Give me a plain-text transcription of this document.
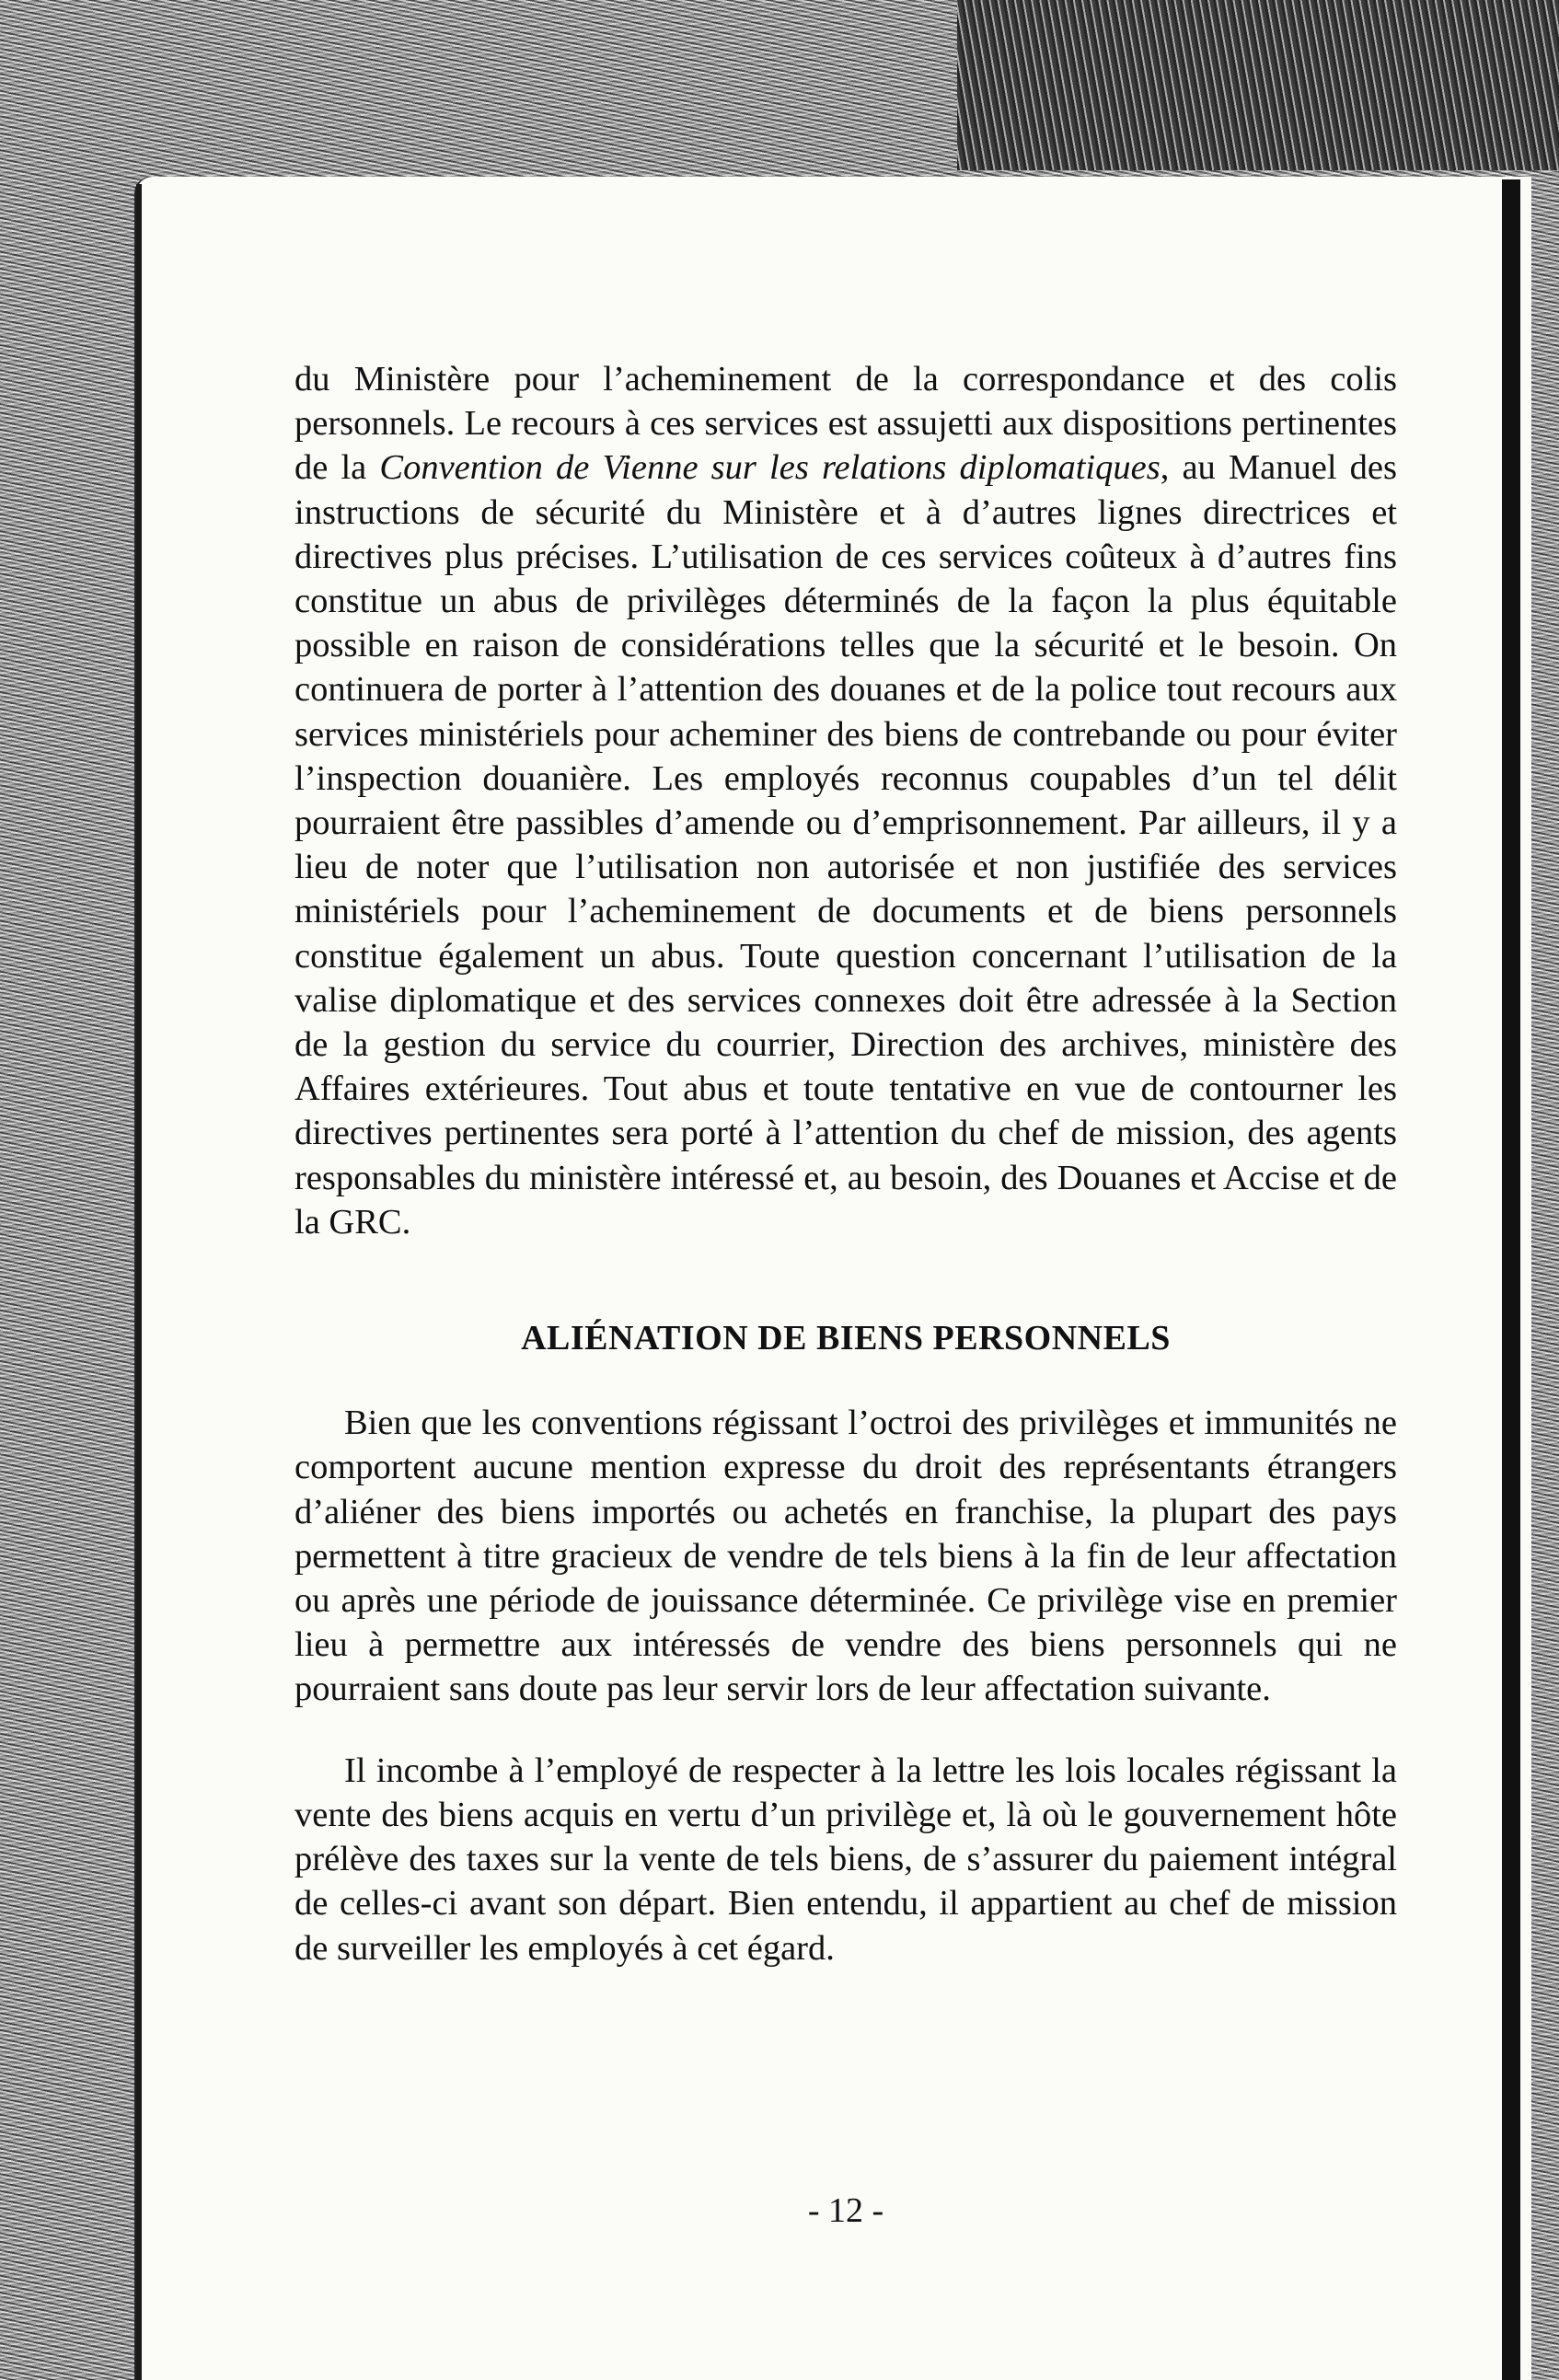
du Ministère pour l’acheminement de la correspondance et des colis personnels. Le recours à ces services est assujetti aux dispositions pertinentes de la Convention de Vienne sur les relations diplomatiques, au Manuel des instructions de sécurité du Ministère et à d’autres lignes directrices et directives plus précises. L’utilisation de ces services coûteux à d’autres fins constitue un abus de privilèges déterminés de la façon la plus équitable possible en raison de considérations telles que la sécurité et le besoin. On continuera de porter à l’attention des douanes et de la police tout recours aux services ministériels pour acheminer des biens de contrebande ou pour éviter l’inspection douanière. Les employés reconnus coupables d’un tel délit pourraient être passibles d’amende ou d’emprisonnement. Par ailleurs, il y a lieu de noter que l’utilisation non autorisée et non justifiée des services ministériels pour l’acheminement de documents et de biens personnels constitue également un abus. Toute question concernant l’utilisation de la valise diplomatique et des services connexes doit être adressée à la Section de la gestion du service du courrier, Direction des archives, ministère des Affaires extérieures. Tout abus et toute tentative en vue de contourner les directives pertinentes sera porté à l’attention du chef de mission, des agents responsables du ministère intéressé et, au besoin, des Douanes et Accise et de la GRC.

ALIÉNATION DE BIENS PERSONNELS

Bien que les conventions régissant l’octroi des privilèges et immunités ne comportent aucune mention expresse du droit des représentants étrangers d’aliéner des biens importés ou achetés en franchise, la plupart des pays permettent à titre gracieux de vendre de tels biens à la fin de leur affectation ou après une période de jouissance déterminée. Ce privilège vise en premier lieu à permettre aux intéressés de vendre des biens personnels qui ne pourraient sans doute pas leur servir lors de leur affectation suivante.

Il incombe à l’employé de respecter à la lettre les lois locales régissant la vente des biens acquis en vertu d’un privilège et, là où le gouvernement hôte prélève des taxes sur la vente de tels biens, de s’assurer du paiement intégral de celles-ci avant son départ. Bien entendu, il appartient au chef de mission de surveiller les employés à cet égard.

- 12 -
